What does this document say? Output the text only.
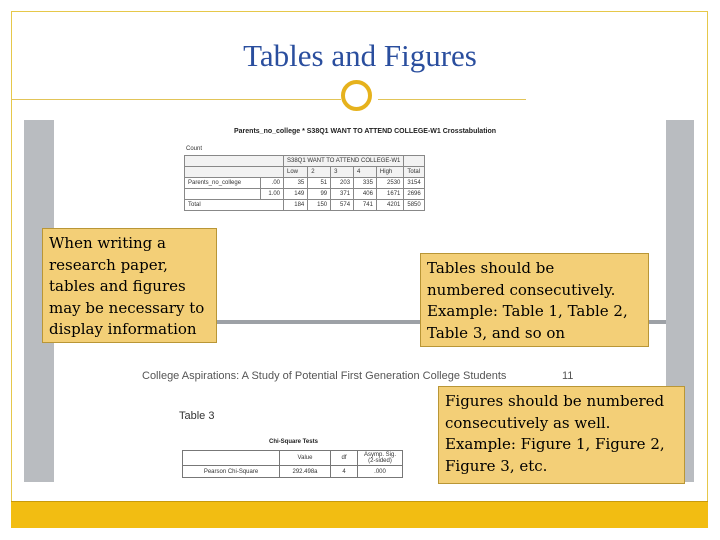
Tables and Figures
Parents_no_college * S38Q1 WANT TO ATTEND COLLEGE-W1 Crosstabulation
Count
		S38Q1 WANT TO ATTEND COLLEGE-W1					
		Low	2	3	4	High	Total
Parents_no_college	.00	35	51	203	335	2530	3154
	1.00	149	99	371	406	1671	2696
Total		184	150	574	741	4201	5850
College Aspirations: A Study of Potential First Generation College Students	11
Table 3
Chi-Square Tests
	Value	df	Asymp. Sig. (2-sided)
Pearson Chi-Square	292.498a	4	.000
When writing a
research paper,
tables and figures
may be necessary to
display information
Tables should be
numbered consecutively.
Example: Table 1, Table 2,
Table 3, and so on
Figures should be numbered
consecutively as well.
Example: Figure 1, Figure 2,
Figure 3, etc.
